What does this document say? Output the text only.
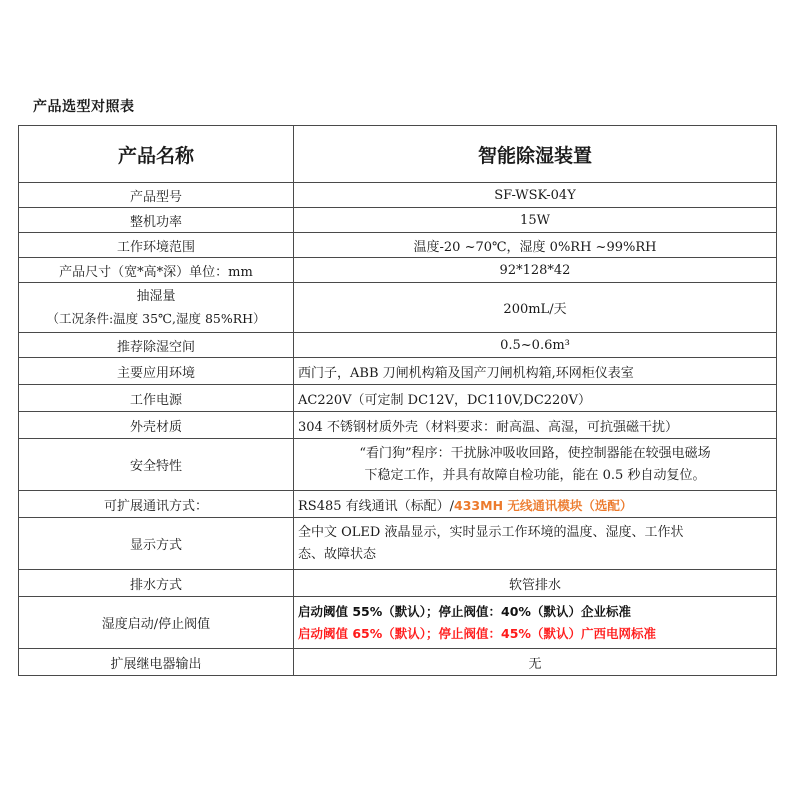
产品选型对照表
产品名称	智能除湿装置
产品型号	SF-WSK-04Y
整机功率	15W
工作环境范围	温度-20 ~70℃，湿度 0%RH ~99%RH
产品尺寸（宽*高*深）单位：mm	92*128*42

抽湿量
（工况条件:温度 35℃,湿度 85%RH）	200mL/天
推荐除湿空间	0.5~0.6m³
主要应用环境	西门子，ABB 刀闸机构箱及国产刀闸机构箱,环网柜仪表室
工作电源	AC220V（可定制 DC12V，DC110V,DC220V）
外壳材质	304 不锈钢材质外壳（材料要求：耐高温、高湿，可抗强磁干扰）
安全特性	“看门狗”程序：干扰脉冲吸收回路，使控制器能在较强电磁场
下稳定工作，并具有故障自检功能，能在 0.5 秒自动复位。

可扩展通讯方式：	RS485 有线通讯（标配）/433MH 无线通讯模块（选配）
显示方式	全中文 OLED 液晶显示，实时显示工作环境的温度、湿度、工作状
态、故障状态

排水方式	软管排水
湿度启动/停止阀值	启动阈值 55%（默认）；停止阀值：40%（默认）企业标准
启动阈值 65%（默认）；停止阀值：45%（默认）广西电网标准

扩展继电器输出	无
